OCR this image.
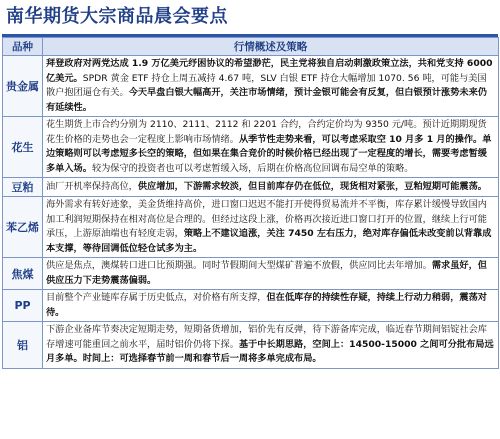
南华期货大宗商品晨会要点
品种	行情概述及策略
贵金属	拜登政府对两党达成 1.9 万亿美元纾困协议的希望渺茫，民主党将独自启动刺激政策立法，共和党支持 6000 亿美元。SPDR 黄金 ETF 持仓上周五减持 4.67 吨，SLV 白银 ETF 持仓大幅增加 1070. 56 吨，可能与美国散户抱团逼仓有关。今天早盘白银大幅高开，关注市场情绪，预计金银可能会有反复，但白银预计涨势未来仍有延续性。
花生	花生期货上市合约分别为 2110、2111、2112 和 2201 合约，合约定价均为 9350 元/吨。预计近期期现货花生价格的走势也会一定程度上影响市场情绪。从季节性走势来看，可以考虑采取空 10 月多 1 月的操作。单边策略则可以考虑短多长空的策略，但如果在集合竞价的时候价格已经出现了一定程度的增长，需要考虑暂缓多单入场。较为保守的投资者也可以考虑暂缓入场，后期在价格高位回调布局空单的策略。
豆粕	油厂开机率保持高位，供应增加，下游需求较淡，但目前库存仍在低位，现货相对紧张，豆粕短期可能震荡。
苯乙烯	海外需求有转好迹象，美金货维持高价，进口窗口迟迟不能打开使得贸易流并不平衡，库存累计缓慢导致国内加工利润短期保持在相对高位是合理的。但经过这段上涨，价格再次接近进口窗口打开的位置，继续上行可能承压，上游原油端也有轻度走弱，策略上不建议追涨，关注 7450 左右压力，绝对库存偏低未改变前以背靠成本支撑，等待回调低位轻仓试多为主。
焦煤	供应是焦点，澳煤转口进口比预期强。同时节假期间大型煤矿普遍不放假，供应同比去年增加。需求虽好，但供应压力下走势震荡偏弱。
PP	目前整个产业链库存属于历史低点，对价格有所支撑，但在低库存的持续性存疑，持续上行动力稍弱，震荡对待。
铝	下游企业备库节奏决定短期走势，短期备货增加，铝价先有反弹，待下游备库完成，临近春节期间铝锭社会库存增速可能重回之前水平，届时铝价仍将下探。基于中长期思路，空间上：14500-15000 之间可分批布局远月多单。时间上：可选择春节前一周和春节后一周将多单完成布局。
